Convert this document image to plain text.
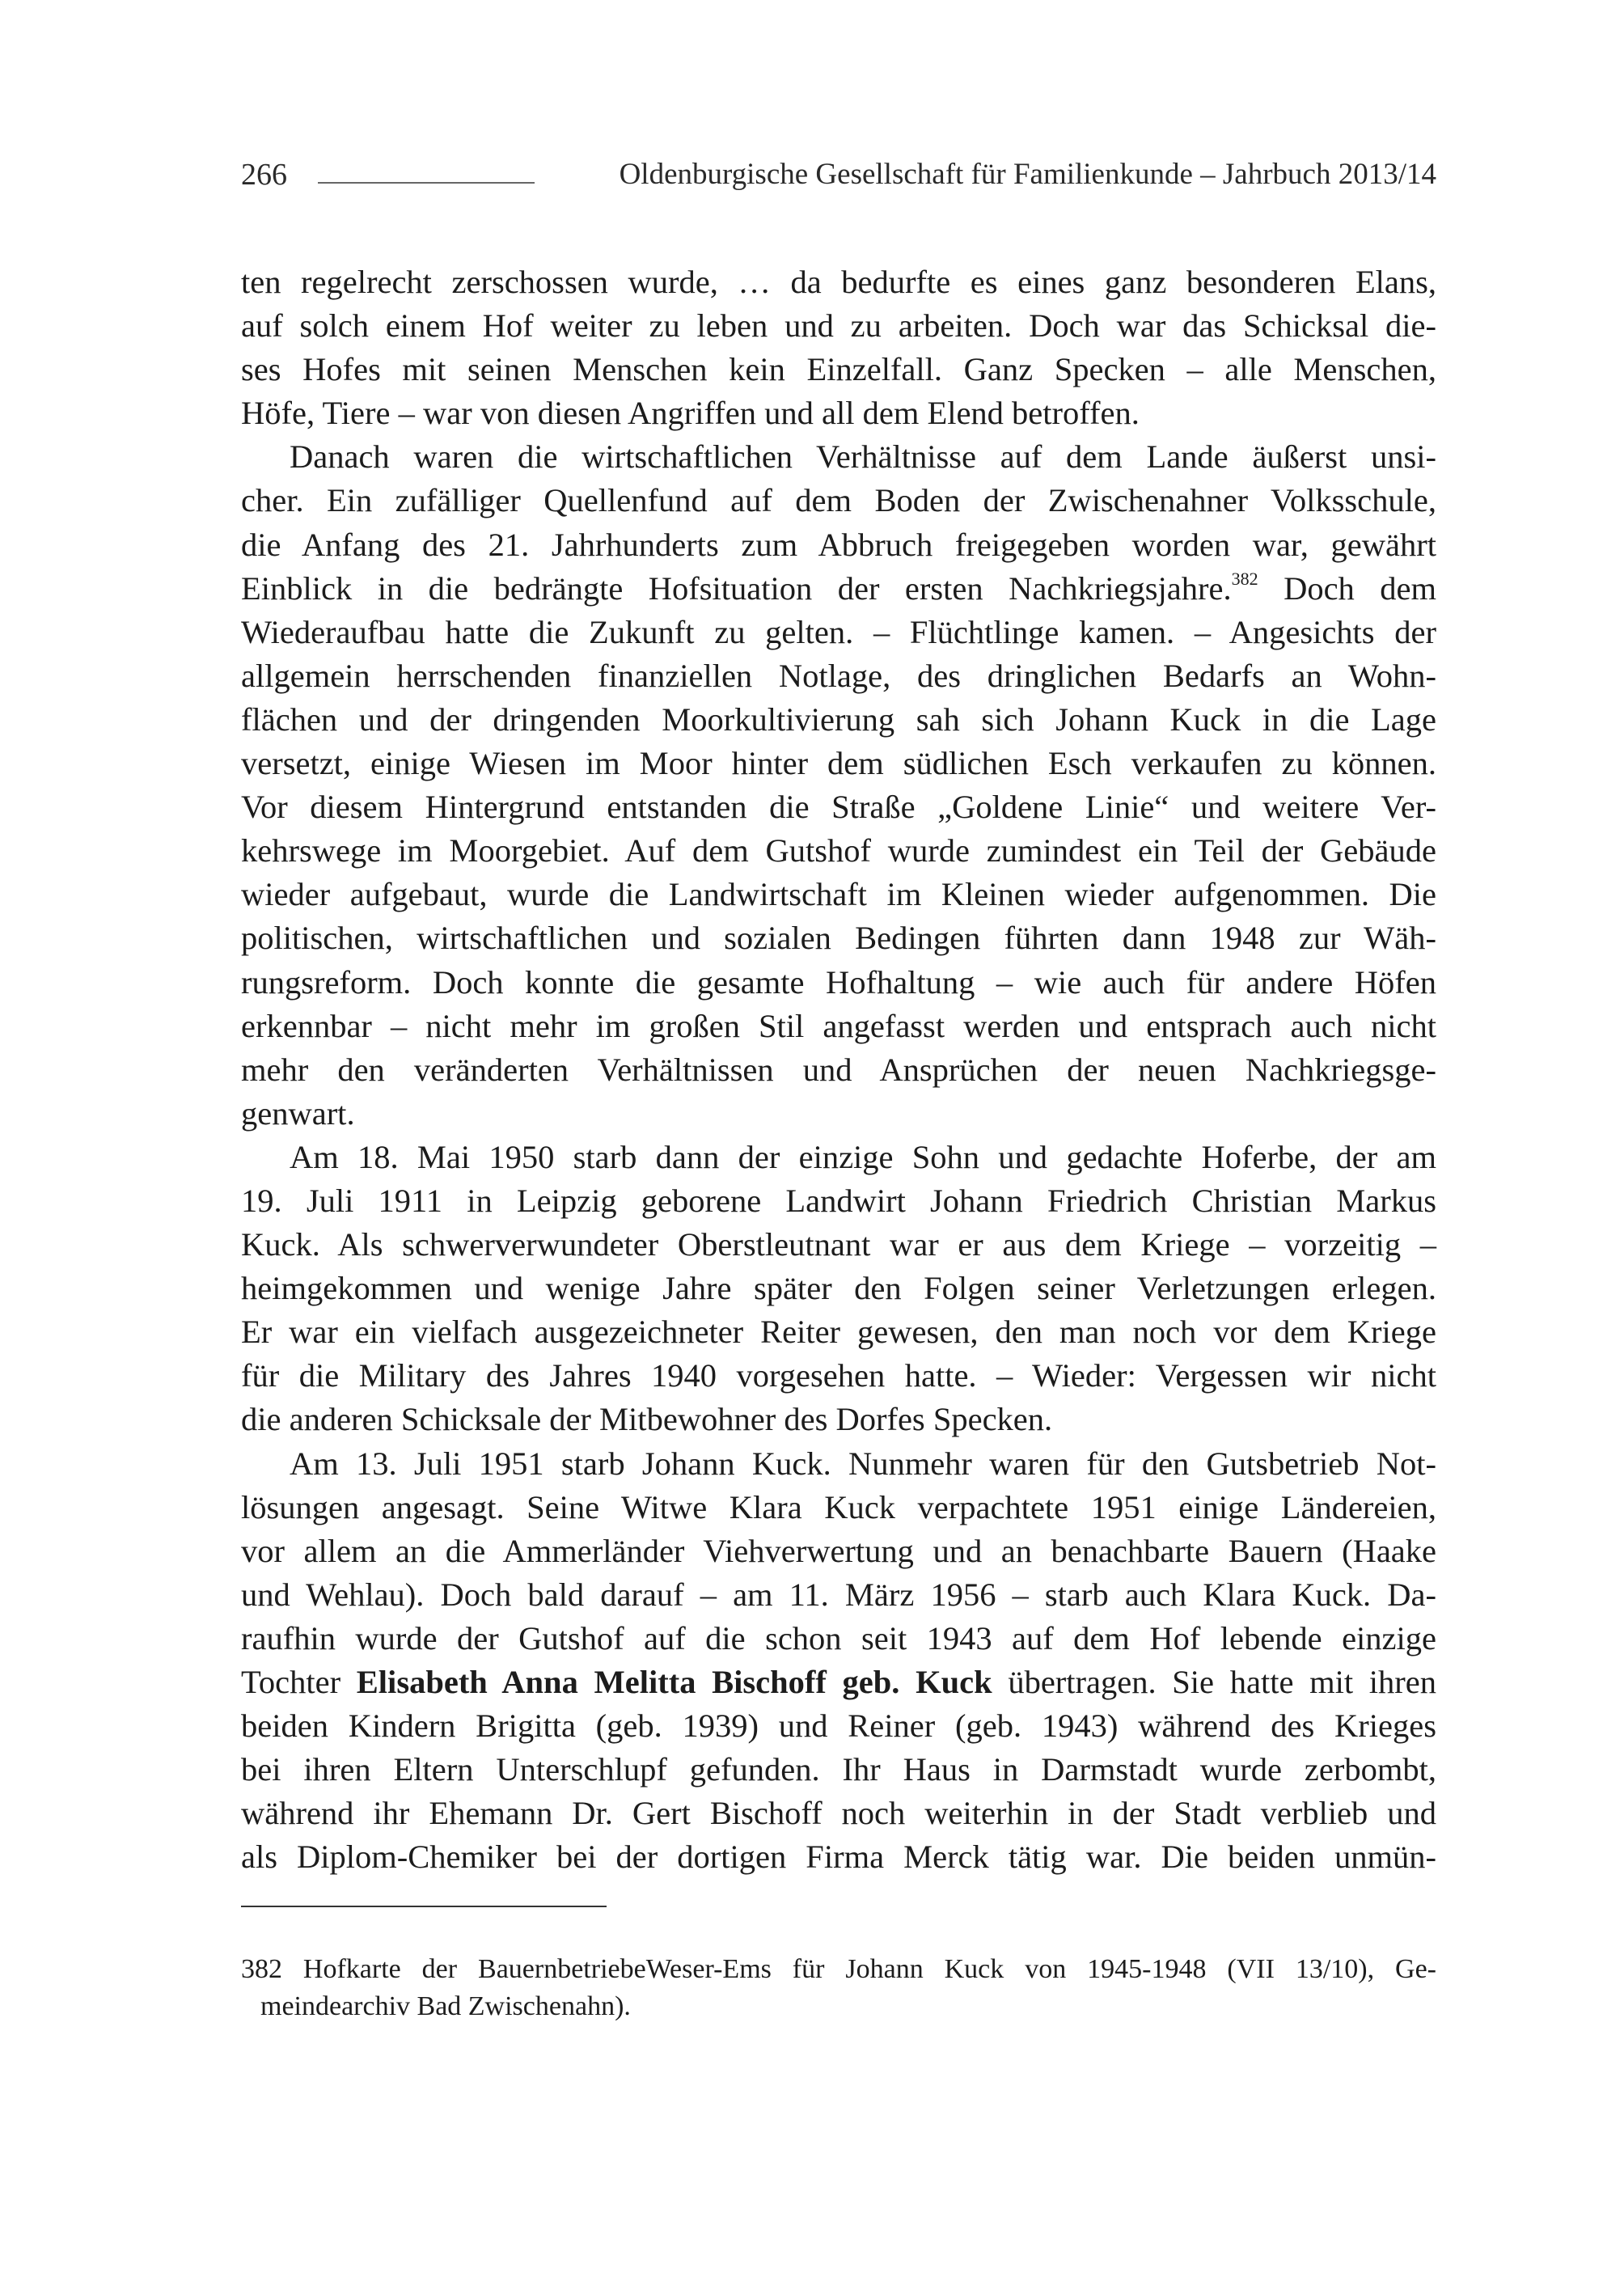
266	Oldenburgische Gesellschaft für Familienkunde – Jahrbuch 2013/14

ten regelrecht zerschossen wurde, … da bedurfte es eines ganz besonderen Elans,
auf solch einem Hof weiter zu leben und zu arbeiten. Doch war das Schicksal die-
ses Hofes mit seinen Menschen kein Einzelfall. Ganz Specken – alle Menschen,
Höfe, Tiere – war von diesen Angriffen und all dem Elend betroffen.

Danach waren die wirtschaftlichen Verhältnisse auf dem Lande äußerst unsi-
cher. Ein zufälliger Quellenfund auf dem Boden der Zwischenahner Volksschule,
die Anfang des 21. Jahrhunderts zum Abbruch freigegeben worden war, gewährt
Einblick in die bedrängte Hofsituation der ersten Nachkriegsjahre.$^{382}$ Doch dem
Wiederaufbau hatte die Zukunft zu gelten. – Flüchtlinge kamen. – Angesichts der
allgemein herrschenden finanziellen Notlage, des dringlichen Bedarfs an Wohn-
flächen und der dringenden Moorkultivierung sah sich Johann Kuck in die Lage
versetzt, einige Wiesen im Moor hinter dem südlichen Esch verkaufen zu können.
Vor diesem Hintergrund entstanden die Straße „Goldene Linie“ und weitere Ver-
kehrswege im Moorgebiet. Auf dem Gutshof wurde zumindest ein Teil der Gebäude
wieder aufgebaut, wurde die Landwirtschaft im Kleinen wieder aufgenommen. Die
politischen, wirtschaftlichen und sozialen Bedingen führten dann 1948 zur Wäh-
rungsreform. Doch konnte die gesamte Hofhaltung – wie auch für andere Höfen
erkennbar – nicht mehr im großen Stil angefasst werden und entsprach auch nicht
mehr den veränderten Verhältnissen und Ansprüchen der neuen Nachkriegsge-
genwart.

Am 18. Mai 1950 starb dann der einzige Sohn und gedachte Hoferbe, der am
19. Juli 1911 in Leipzig geborene Landwirt Johann Friedrich Christian Markus
Kuck. Als schwerverwundeter Oberstleutnant war er aus dem Kriege – vorzeitig –
heimgekommen und wenige Jahre später den Folgen seiner Verletzungen erlegen.
Er war ein vielfach ausgezeichneter Reiter gewesen, den man noch vor dem Kriege
für die Military des Jahres 1940 vorgesehen hatte. – Wieder: Vergessen wir nicht
die anderen Schicksale der Mitbewohner des Dorfes Specken.

Am 13. Juli 1951 starb Johann Kuck. Nunmehr waren für den Gutsbetrieb Not-
lösungen angesagt. Seine Witwe Klara Kuck verpachtete 1951 einige Ländereien,
vor allem an die Ammerländer Viehverwertung und an benachbarte Bauern (Haake
und Wehlau). Doch bald darauf – am 11. März 1956 – starb auch Klara Kuck. Da-
raufhin wurde der Gutshof auf die schon seit 1943 auf dem Hof lebende einzige
Tochter Elisabeth Anna Melitta Bischoff geb. Kuck übertragen. Sie hatte mit ihren
beiden Kindern Brigitta (geb. 1939) und Reiner (geb. 1943) während des Krieges
bei ihren Eltern Unterschlupf gefunden. Ihr Haus in Darmstadt wurde zerbombt,
während ihr Ehemann Dr. Gert Bischoff noch weiterhin in der Stadt verblieb und
als Diplom-Chemiker bei der dortigen Firma Merck tätig war. Die beiden unmün-

382 Hofkarte der BauernbetriebeWeser-Ems für Johann Kuck von 1945-1948 (VII 13/10), Ge-
meindearchiv Bad Zwischenahn).
